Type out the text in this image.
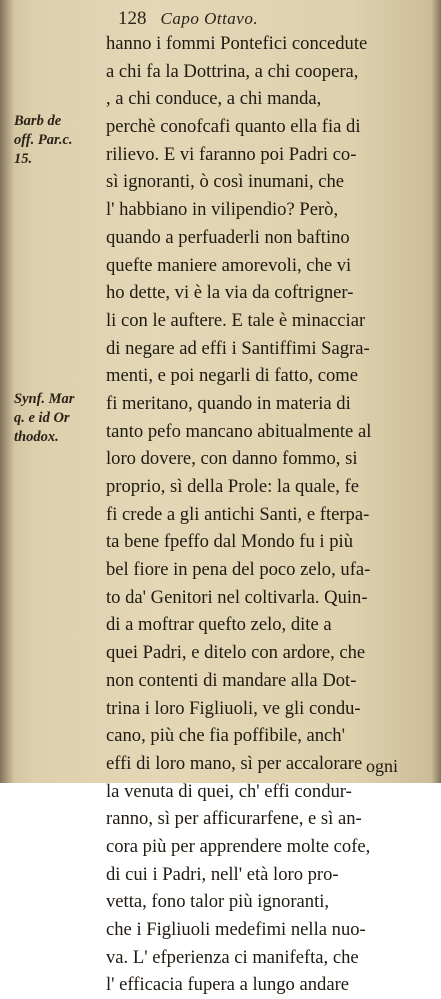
128 Capo Ottavo.
Barb de
off. Par.c.
15.
Synf. Mar
q. e id Or
thodox.
hanno i fommi Pontefici concedute
a chi fa la Dottrina, a chi coopera,
, a chi conduce, a chi manda,
perchè conofcafi quanto ella fia di
rilievo. E vi faranno poi Padri co-
sì ignoranti, ò così inumani, che
l' habbiano in vilipendio? Però,
quando a perfuaderli non baftino
quefte maniere amorevoli, che vi
ho dette, vi è la via da coftrigner-
li con le auftere. E tale è minacciar
di negare ad effi i Santiffimi Sagra-
menti, e poi negarli di fatto, come
fi meritano, quando in materia di
tanto pefo mancano abitualmente al
loro dovere, con danno fommo, si
proprio, sì della Prole: la quale, fe
fi crede a gli antichi Santi, e fterpa-
ta bene fpeffo dal Mondo fu i più
bel fiore in pena del poco zelo, ufa-
to da' Genitori nel coltivarla. Quin-
di a moftrar quefto zelo, dite a
quei Padri, e ditelo con ardore, che
non contenti di mandare alla Dot-
trina i loro Figliuoli, ve gli condu-
cano, più che fia poffibile, anch'
effi di loro mano, sì per accalorare
la venuta di quei, ch' effi condur-
ranno, sì per afficurarfene, e sì an-
cora più per apprendere molte cofe,
di cui i Padri, nell' età loro pro-
vetta, fono talor più ignoranti,
che i Figliuoli medefimi nella nuo-
va. L' efperienza ci manifefta, che
l' efficacia fupera a lungo andare
ogni
